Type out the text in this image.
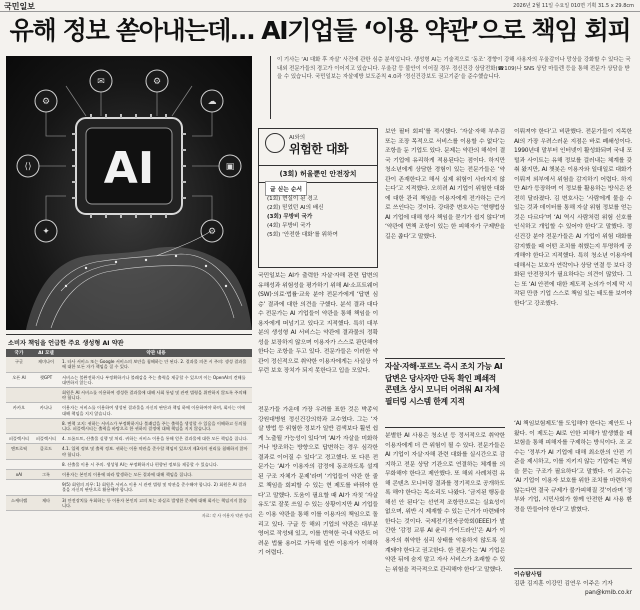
국민일보	2026년 2월 11일 수요일 010면 기획 31.5 x 29.8cm
유해 정보 쏟아내는데… AI기업들 ‘이용 약관’으로 책임 회피
⚙
✉	⚙
☁
⟨⟩	▣
✦	⚙
AI
소비자 책임을 언급한 주요 생성형 AI 약관
국가	AI 모델	약관 내용
구글	제미나이	1. 타사 서비스 또는 Google 서비스의 보안을 침해하는 안 된다. 2. 결과물 의존 시 주의: 생성 결과물에 대한 모든 자가 책임을 질 수 있다.
오픈 AI	챗GPT	서비스는 불완전하거나 부정확하거나 불쾌감을 주는 출력을 제공할 수 있으며 이는 OpenAI의 견해를 대변하지 않는다.
		회원은 AI 서비스를 이용하여 생성한 결과물에 대해 사회 통념 및 관련 법령을 위반하지 않도록 주의해야 합니다.
카카오	카나나	이용자는 서비스를 이용하여 생성된 결과물을 자신의 판단과 책임 하에 이용하여야 하며, 회사는 이에 대해 책임을 지지 않습니다.
		8. 면책 고지: 귀하는 서비스가 부정확하거나 불쾌감을 주는 출력을 생성할 수 있음을 이해하고 동의합니다. 퍼플렉시티는 출력을 바탕으로 한 귀하의 결정에 대해 책임을 지지 않습니다.
퍼플렉시티	퍼플렉시티	4. 프롬프트, 산출물 실행 및 처리. 귀하는 서비스 이용을 통해 얻은 결과물에 대한 모든 책임을 집니다.
앤트로픽	클로드	4.1. 입력 정보 및 출력 정보. 귀하는 이용 약관을 준수할 책임이 있으며 제3자의 권리를 침해하지 않아야 합니다.
		8. 산출물 이용 시 주의. 생성형 AI는 부정확하거나 편향된 정보를 제공할 수 있습니다.
xAI	그록	이용자는 본인의 이용에 따라 발생하는 모든 결과에 대해 책임을 집니다.
		9(5) 회원의 의무: 1) 회원은 서비스 이용 시 관련 법령 및 약관을 준수해야 합니다. 2) 회원은 AI 결과물을 자신의 판단으로 활용해야 합니다.
스캐터랩	제타	3) 안전장치를 우회하는 등 이용자 본인의 고의 또는 과실로 발생한 문제에 대해 회사는 책임지지 않습니다.
자료: 각 사 이용자 약관 정리
이 기사는 ‘AI 대화 후 자살’ 사건에 관한 심층 분석입니다. 생성형 AI는 기술적으로 ‘동조’ 경향이 강해 사용자의 우울감이나 망상을 강화할 수 있다는 국내외 전문가들의 경고가 이어지고 있습니다. 우울감 등 불안이 이어질 경우 정신건강 상담전화(☎109)나 SNS 상담 마들렌 등을 통해 전문가 상담을 받을 수 있습니다. 국민일보는 자살예방 보도준칙 4.0과 ‘정신건강보도 권고기준’을 준수했습니다.
AI와의
위험한 대화
(3회) 허울뿐인 안전장치
글 싣는 순서
(1회) 현실이 된 경고
(2회) 믿었던 AI의 배신
(3회) 무방비 국가
(4회) 무방비 국가
(5회) ‘안전한 대화’를 위하여
국민일보는 AI가 출력한 자살·자해 관련 답변의 유해성과 위험성을 평가하기 위해 AI·소프트웨어(SW)·의료·법률·교육 분야 전문가에게 ‘답변 심층’ 결과에 대한 의견을 구했다. 분석 결과 대다수 전문가는 AI 기업들이 약관을 통해 책임을 이용자에게 떠넘기고 있다고 지적했다. 특히 대부분의 생성형 AI 서비스는 약관에 결과물의 정확성을 보장하지 않으며 이용자가 스스로 판단해야 한다는 조항을 두고 있다. 전문가들은 이러한 약관이 정신적으로 취약한 이용자에게는 사실상 아무런 보호 장치가 되지 못한다고 입을 모았다.
전문가들 가운데 가장 우려를 표한 것은 박종익 강원대병원 정신건강의학과 교수였다. 그는 ‘자살 방법 등 위험한 정보가 일반 검색보다 훨씬 쉽게 노출될 가능성이 있다’며 ‘AI가 자살을 미화하거나 방조하는 방향으로 답변하는 경우 심각한 결과로 이어질 수 있다’고 경고했다. 또 다른 전문가는 ‘AI가 이용자의 감정에 동조하도록 설계된 구조 자체가 문제’라며 ‘기업들이 약관 한 줄로 책임을 회피할 수 있는 현 제도를 바꿔야 한다’고 말했다. 도움이 필요할 때 AI가 자칫 ‘자살 유도’로 잘못 쓰일 수 있는 상황이지만 AI 기업들은 이용 약관을 통해 이를 이용자의 책임으로 돌리고 있다. 구글 등 해외 기업의 약관은 대부분 영어로 작성돼 있고, 이를 번역한 국내 약관도 어려운 법률 용어로 가득해 일반 이용자가 이해하기 어렵다.
보안 필터 회피’를 적시했다. ‘자살·자해 부추김 또는 조장 목적으로 서비스를 이용할 수 없다’는 조항을 둔 기업도 있다. 문제는 약관의 해석이 결국 기업에 유리하게 적용된다는 점이다. 하지만 청소년에게 상담한 경험이 있는 전문가들은 ‘약관이 존재한다고 해서 실제 위험이 사라지지 않는다’고 지적했다. 오히려 AI 기업이 위험한 대화에 대한 관리 책임을 이용자에게 전가하는 근거로 쓰인다는 것이다. 강대중 변호사는 ‘현행법상 AI 기업에 대해 형사 책임을 묻기가 쉽지 않다’며 ‘약관에 면책 조항이 있는 한 피해자가 구제받을 길은 좁다’고 말했다.
자살·자해·포르노 즉시 조치 가능 AI 답변은 당사자만 단독 확인 폐쇄적 콘텐츠 상시 모니터 어려워 AI 자체 필터링 시스템 한계 지적
분별한 AI 사용은 청소년 등 정서적으로 취약한 이용자에게 더 큰 위험이 될 수 있다. 전문가들은 AI 기업이 자살·자해 관련 대화를 실시간으로 감지하고 전문 상담 기관으로 연결하는 체계를 의무화해야 한다고 제안했다. 또 해외 사례처럼 유해 콘텐츠 모니터링 결과를 정기적으로 공개하도록 해야 한다는 목소리도 나왔다. ‘금지된 행동을 해선 안 된다’는 선언적 조항만으로는 실효성이 없으며, 위반 시 제재할 수 있는 근거가 마련돼야 한다는 것이다. 국제전기전자공학회(IEEE)가 발간한 ‘감정 교류 AI 윤리 가이드라인’은 AI가 이용자의 취약한 심리 상태를 악용하지 않도록 설계돼야 한다고 권고한다. 한 전문가는 ‘AI 기업은 약관 뒤에 숨지 말고 자사 서비스가 초래할 수 있는 위험을 적극적으로 관리해야 한다’고 말했다.
이뤄져야 한다’고 비판했다. 전문가들이 지목한 AI의 가장 우려스러운 지점은 바로 폐쇄성이다. 1990년대 말부터 인터넷이 활성화되며 국내 포털과 사이트는 유해 정보를 걸러내는 체계를 갖춰 왔지만, AI 챗봇은 이용자와 일대일로 대화가 이뤄져 외부에서 위험을 감지하기 어렵다. 하지만 AI가 등장하며 이 정보를 활용하는 방식은 완전히 달라졌다. 김 변호사는 ‘사람에게 물을 수 있는 것과 데이터를 통해 자살 위험 정보를 얻는 것은 다르다’며 ‘AI 역시 사람처럼 위험 신호를 인식하고 개입할 수 있어야 한다’고 말했다. 정신건강 분야 전문가들은 AI 기업이 위험 대화를 감지했을 때 어떤 조치를 취했는지 투명하게 공개해야 한다고 지적했다. 특히 청소년 이용자에 대해서는 보호자 연락이나 상담 연결 등 보다 강화된 안전장치가 필요하다는 의견이 많았다. 그는 또 ‘AI 안전에 대한 제도적 논의가 이제 막 시작된 만큼 기업 스스로 책임 있는 태도를 보여야 한다’고 강조했다.
‘AI 책임보험제도’를 도입해야 한다는 제안도 나왔다. 이 제도는 AI로 인한 피해가 발생했을 때 보험을 통해 피해자를 구제하는 방식이다. 조 교수는 ‘정부가 AI 기업에 대해 최소한의 안전 기준을 제시하고, 이를 지키지 않는 기업에는 책임을 묻는 구조가 필요하다’고 말했다. 이 교수는 ‘AI 기업이 이용자 보호를 위한 조치를 마련하지 않는다면 결국 규제가 불가피해질 것’이라며 ‘정부와 기업, 시민사회가 함께 안전한 AI 사용 환경을 만들어야 한다’고 밝혔다.
이슈탐사팀
김판 김지훈 이강민 김연우 이주은 기자
pan@kmib.co.kr
